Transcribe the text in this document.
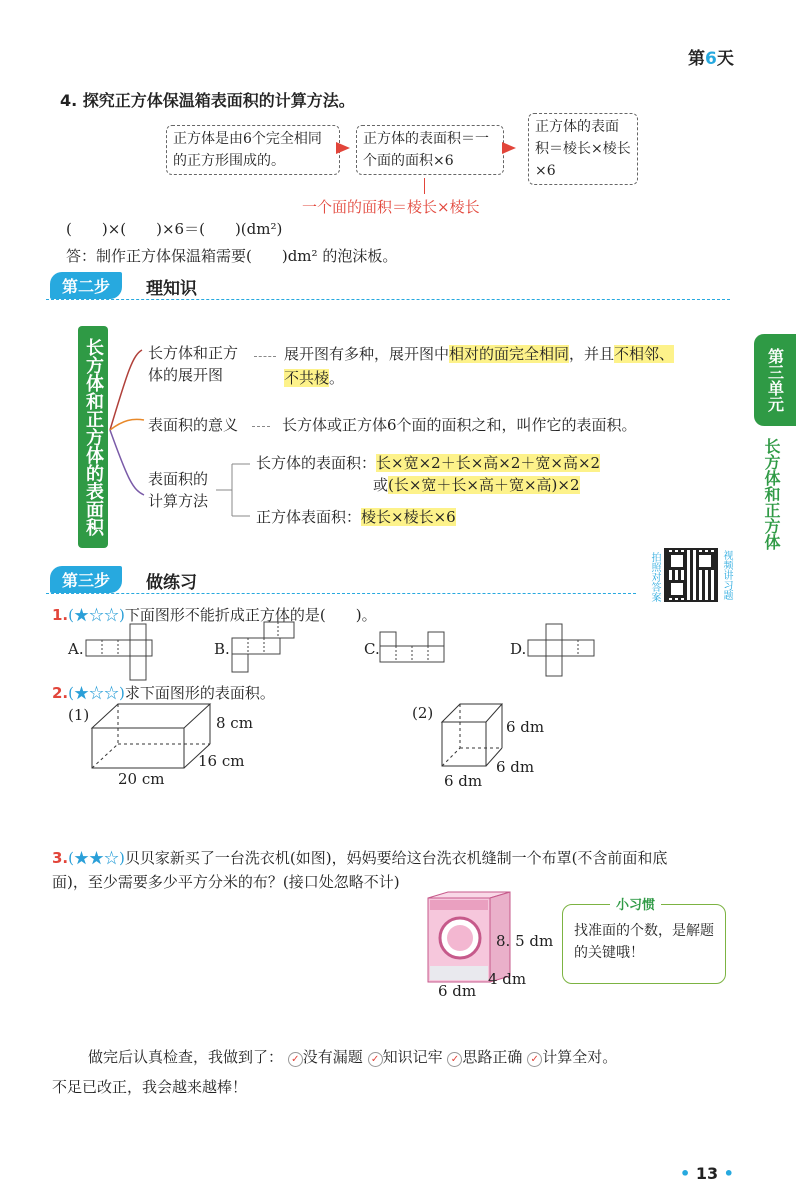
第6天
4. 探究正方体保温箱表面积的计算方法。
正方体是由6个完全相同的正方形围成的。
正方体的表面积＝一个面的面积×6
正方体的表面积＝棱长×棱长×6
一个面的面积＝棱长×棱长
(　　)×(　　)×6＝(　　)(dm²)
答：制作正方体保温箱需要(　　)dm² 的泡沫板。
第二步	理知识
长方体和正方体的表面积	长方体和正方体的展开图
展开图有多种，展开图中相对的面完全相同，并且不相邻、
不共棱。
表面积的意义	长方体或正方体6个面的面积之和，叫作它的表面积。
表面积的计算方法
长方体的表面积：长×宽×2＋长×高×2＋宽×高×2
或(长×宽＋长×高＋宽×高)×2
正方体表面积：棱长×棱长×6
第三步	做练习	拍照对答案	视频讲习题
1.(★☆☆)下面图形不能折成正方体的是(　　)。
A.	B.	C.	D.
2.(★☆☆)求下面图形的表面积。
(1)	8 cm
16 cm
20 cm
(2)
6 dm
6 dm
6 dm
3.(★★☆)贝贝家新买了一台洗衣机(如图)，妈妈要给这台洗衣机缝制一个布罩(不含前面和底
面)，至少需要多少平方分米的布？(接口处忽略不计)
8. 5 dm
4 dm
6 dm
小习惯
找准面的个数，是解题的关键哦！
做完后认真检查，我做到了： ✓ 没有漏题 ✓ 知识记牢 ✓ 思路正确 ✓ 计算全对。
不足已改正，我会越来越棒！
第三单元
长方体和正方体
• 13 •
